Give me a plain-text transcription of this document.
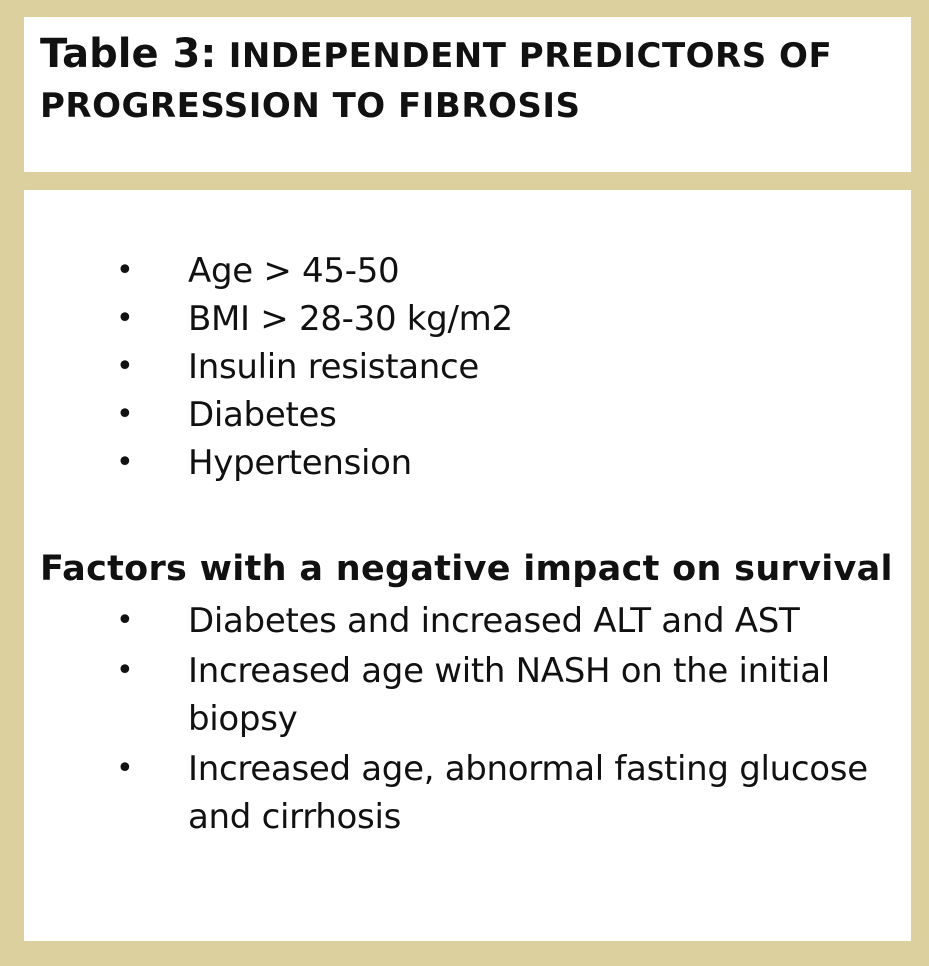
Table 3: INDEPENDENT PREDICTORS OF PROGRESSION TO FIBROSIS
• Age > 45-50
• BMI > 28-30 kg/m2
• Insulin resistance
• Diabetes
• Hypertension
Factors with a negative impact on survival
• Diabetes and increased ALT and AST
• Increased age with NASH on the initial biopsy
• Increased age, abnormal fasting glucose and cirrhosis
